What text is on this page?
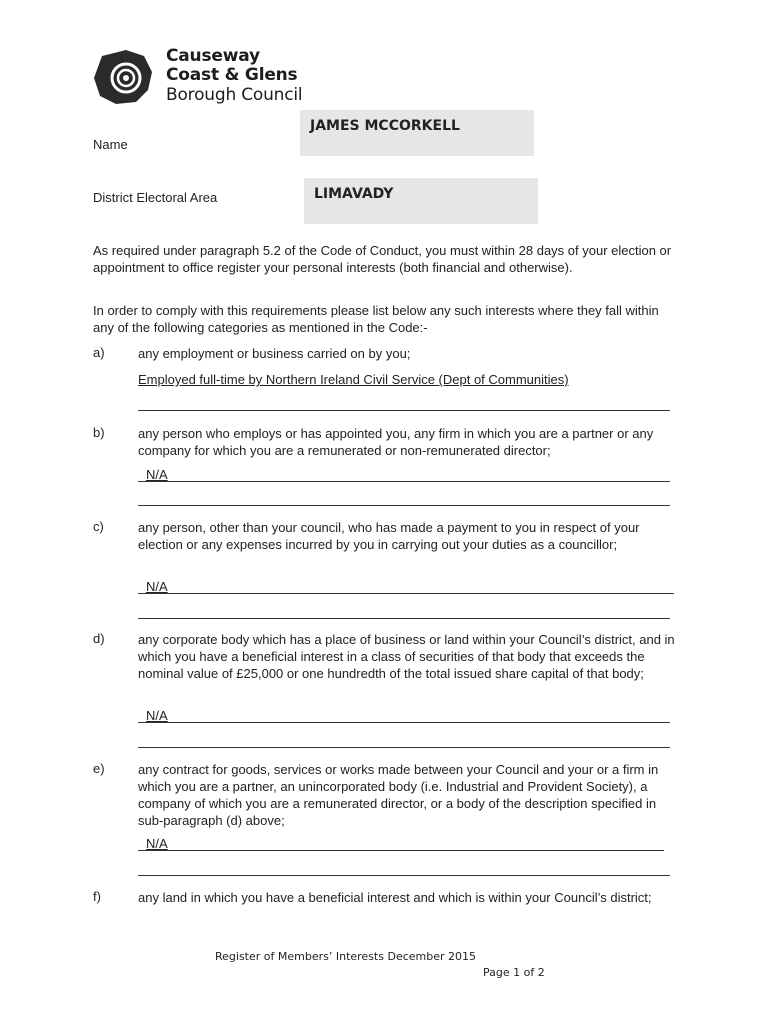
Causeway
Coast & Glens
Borough Council
JAMES MCCORKELL
Name
LIMAVADY
District Electoral Area
As required under paragraph 5.2 of the Code of Conduct, you must within 28 days of your election or appointment to office register your personal interests (both financial and otherwise).
In order to comply with this requirements please list below any such interests where they fall within any of the following categories as mentioned in the Code:-
a)	any employment or business carried on by you;
Employed full-time by Northern Ireland Civil Service (Dept of Communities)
b)	any person who employs or has appointed you, any firm in which you are a partner or any company for which you are a remunerated or non-remunerated director;
N/A
c)	any person, other than your council, who has made a payment to you in respect of your election or any expenses incurred by you in carrying out your duties as a councillor;
N/A
d)	any corporate body which has a place of business or land within your Council’s district, and in which you have a beneficial interest in a class of securities of that body that exceeds the nominal value of £25,000 or one hundredth of the total issued share capital of that body;
N/A
e)	any contract for goods, services or works made between your Council and your or a firm in which you are a partner, an unincorporated body (i.e. Industrial and Provident Society), a company of which you are a remunerated director, or a body of the description specified in sub-paragraph (d) above;
N/A
f)	any land in which you have a beneficial interest and which is within your Council’s district;
Register of Members’ Interests December 2015
Page 1 of 2
